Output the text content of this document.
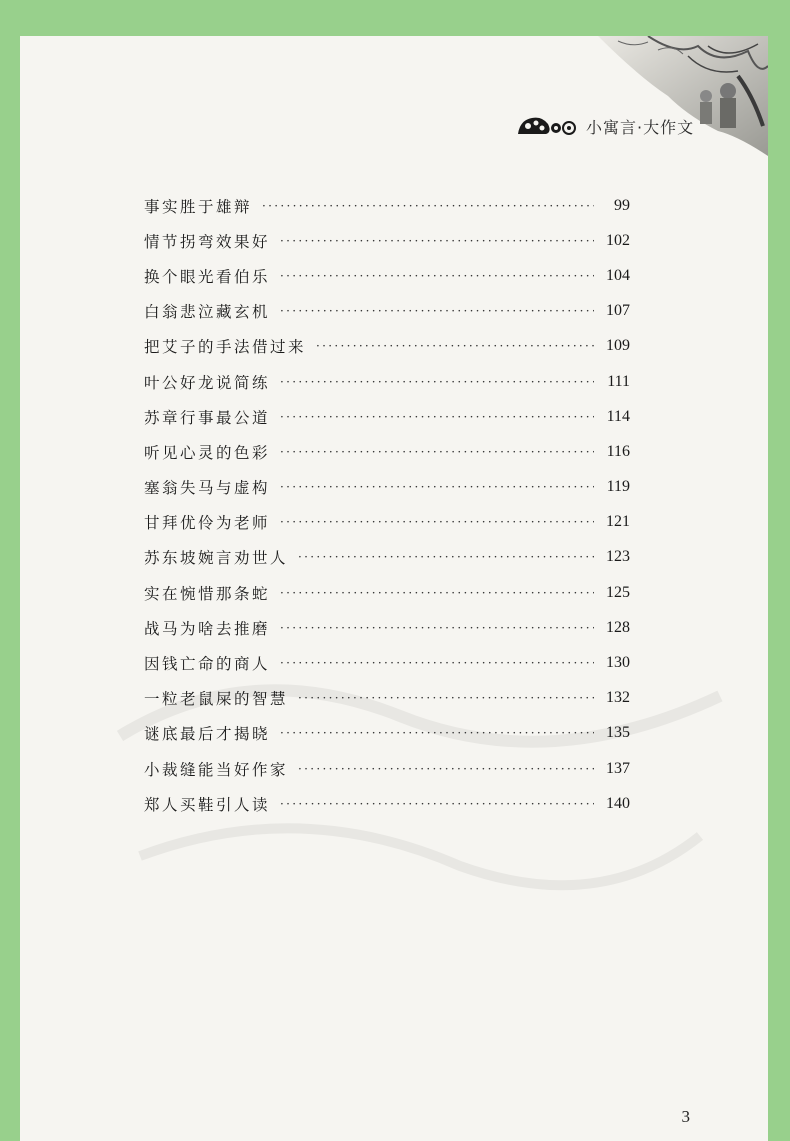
小寓言·大作文
事实胜于雄辩 ·····	99
情节拐弯效果好 ·····	102
换个眼光看伯乐 ·····	104
白翁悲泣藏玄机 ·····	107
把艾子的手法借过来 ·····	109
叶公好龙说简练 ·····	111
苏章行事最公道 ·····	114
听见心灵的色彩 ·····	116
塞翁失马与虚构 ·····	119
甘拜优伶为老师 ·····	121
苏东坡婉言劝世人 ·····	123
实在惋惜那条蛇 ·····	125
战马为啥去推磨 ·····	128
因钱亡命的商人 ·····	130
一粒老鼠屎的智慧 ·····	132
谜底最后才揭晓 ·····	135
小裁缝能当好作家 ·····	137
郑人买鞋引人读 ·····	140
3
